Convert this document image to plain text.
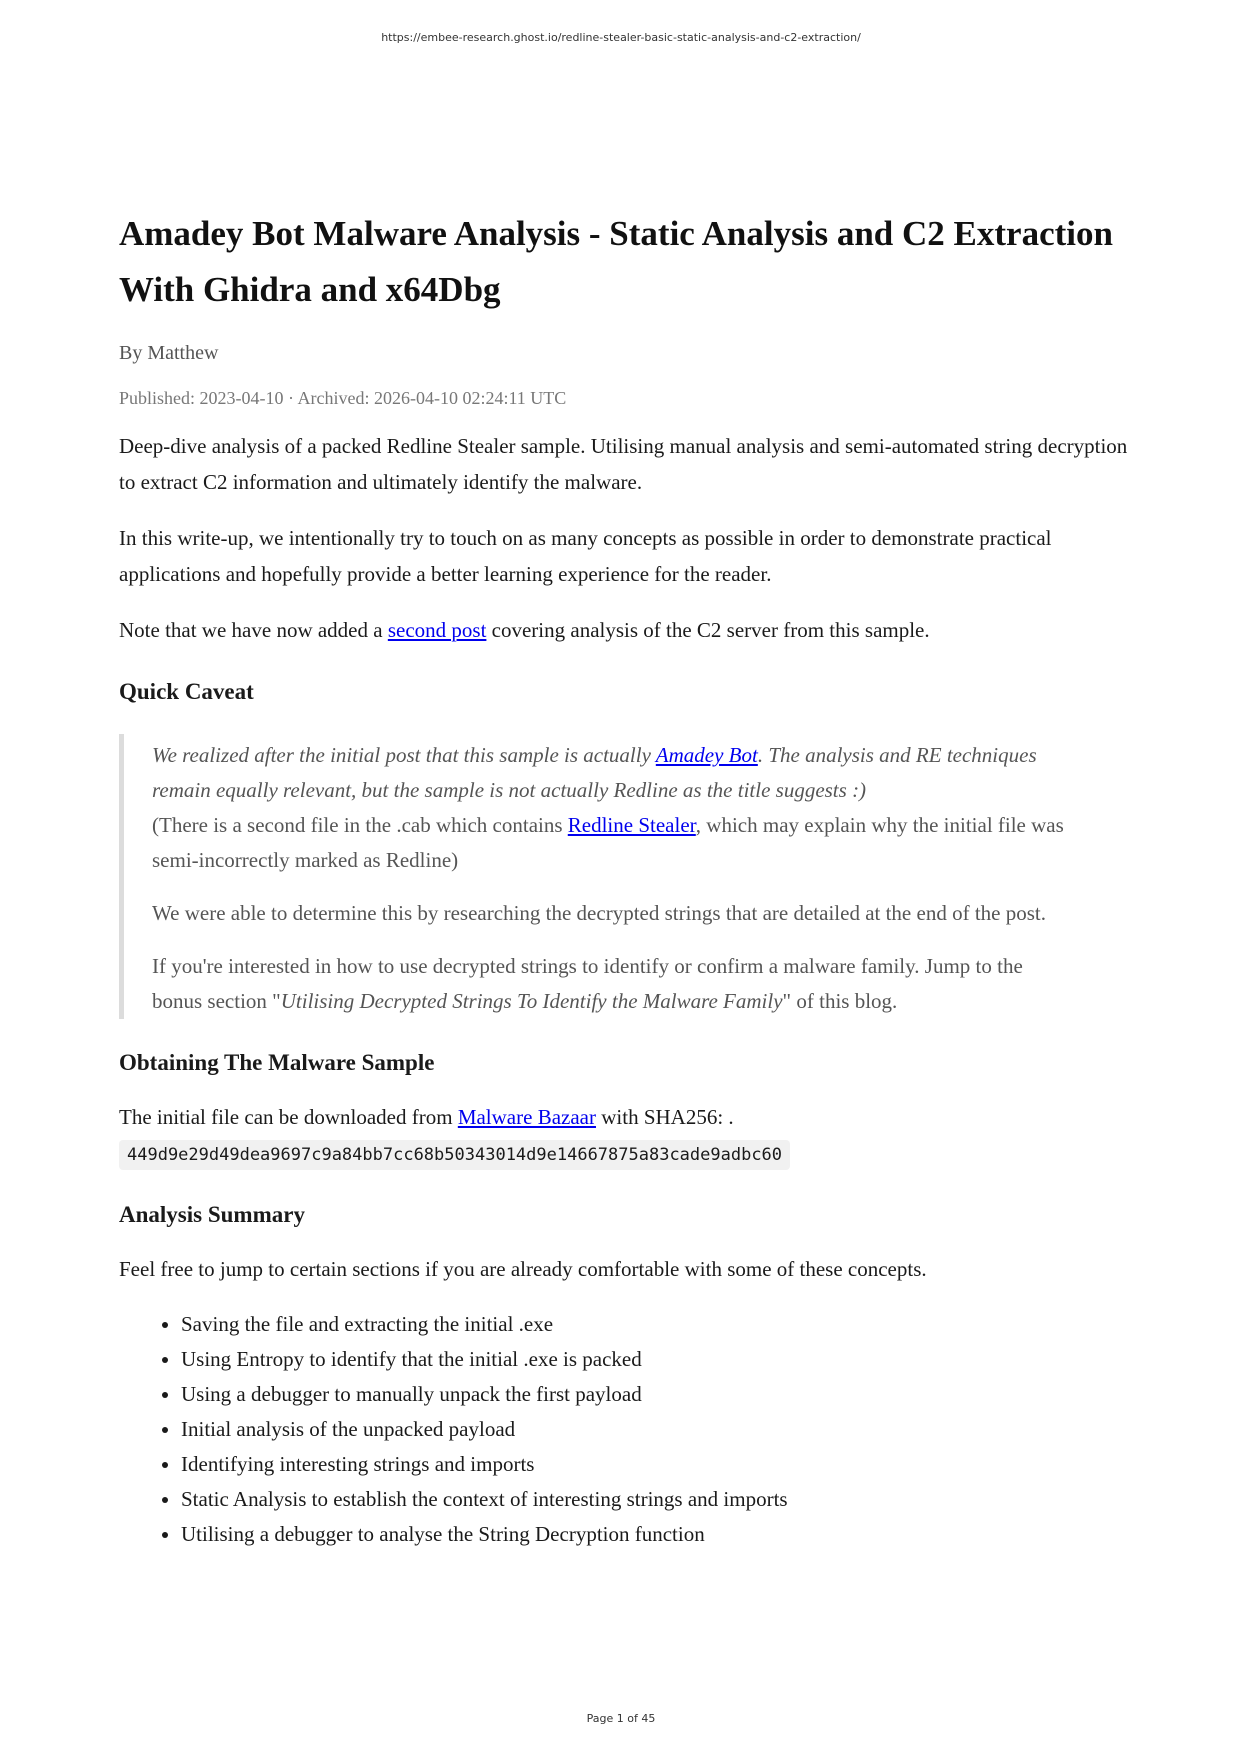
https://embee-research.ghost.io/redline-stealer-basic-static-analysis-and-c2-extraction/
Amadey Bot Malware Analysis - Static Analysis and C2 Extraction With Ghidra and x64Dbg
By Matthew
Published: 2023-04-10 · Archived: 2026-04-10 02:24:11 UTC

Deep-dive analysis of a packed Redline Stealer sample. Utilising manual analysis and semi-automated string decryption to extract C2 information and ultimately identify the malware.

In this write-up, we intentionally try to touch on as many concepts as possible in order to demonstrate practical applications and hopefully provide a better learning experience for the reader.

Note that we have now added a second post covering analysis of the C2 server from this sample.

Quick Caveat

We realized after the initial post that this sample is actually Amadey Bot. The analysis and RE techniques remain equally relevant, but the sample is not actually Redline as the title suggests :)
(There is a second file in the .cab which contains Redline Stealer, which may explain why the initial file was semi-incorrectly marked as Redline)

We were able to determine this by researching the decrypted strings that are detailed at the end of the post.

If you're interested in how to use decrypted strings to identify or confirm a malware family. Jump to the bonus section "Utilising Decrypted Strings To Identify the Malware Family" of this blog.

Obtaining The Malware Sample

The initial file can be downloaded from Malware Bazaar with SHA256: .
449d9e29d49dea9697c9a84bb7cc68b50343014d9e14667875a83cade9adbc60

Analysis Summary

Feel free to jump to certain sections if you are already comfortable with some of these concepts.

• Saving the file and extracting the initial .exe
• Using Entropy to identify that the initial .exe is packed
• Using a debugger to manually unpack the first payload
• Initial analysis of the unpacked payload
• Identifying interesting strings and imports
• Static Analysis to establish the context of interesting strings and imports
• Utilising a debugger to analyse the String Decryption function
Page 1 of 45
